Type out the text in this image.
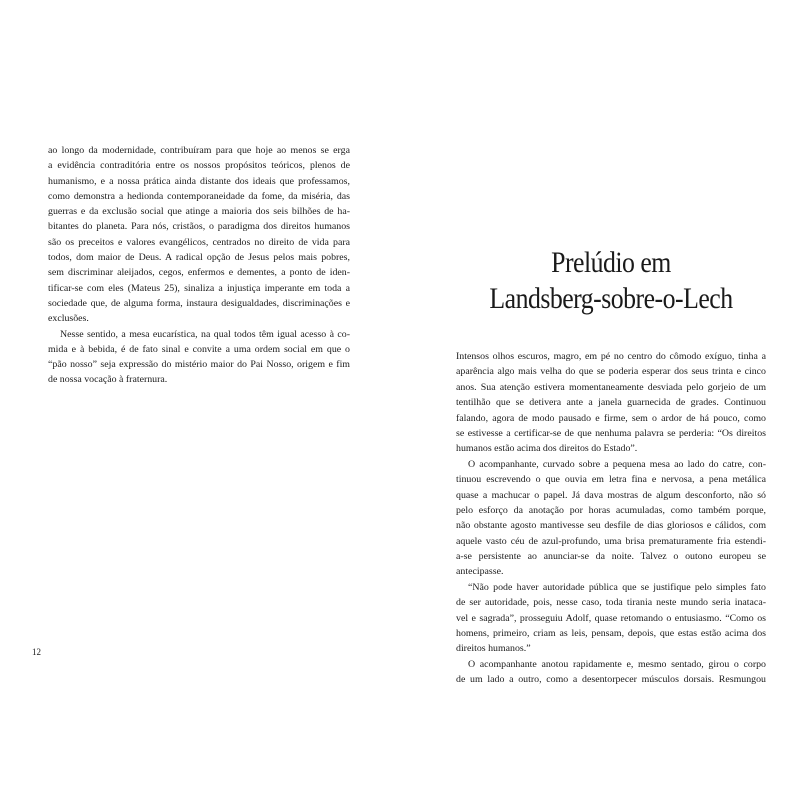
ao longo da modernidade, contribuíram para que hoje ao menos se erga
a evidência contraditória entre os nossos propósitos teóricos, plenos de
humanismo, e a nossa prática ainda distante dos ideais que professamos,
como demonstra a hedionda contemporaneidade da fome, da miséria, das
guerras e da exclusão social que atinge a maioria dos seis bilhões de ha-
bitantes do planeta. Para nós, cristãos, o paradigma dos direitos humanos
são os preceitos e valores evangélicos, centrados no direito de vida para
todos, dom maior de Deus. A radical opção de Jesus pelos mais pobres,
sem discriminar aleijados, cegos, enfermos e dementes, a ponto de iden-
tificar-se com eles (Mateus 25), sinaliza a injustiça imperante em toda a
sociedade que, de alguma forma, instaura desigualdades, discriminações e
exclusões.
Nesse sentido, a mesa eucarística, na qual todos têm igual acesso à co-
mida e à bebida, é de fato sinal e convite a uma ordem social em que o
“pão nosso” seja expressão do mistério maior do Pai Nosso, origem e fim
de nossa vocação à fraternura.
12
Prelúdio em
Landsberg-sobre-o-Lech
Intensos olhos escuros, magro, em pé no centro do cômodo exíguo, tinha a
aparência algo mais velha do que se poderia esperar dos seus trinta e cinco
anos. Sua atenção estivera momentaneamente desviada pelo gorjeio de um
tentilhão que se detivera ante a janela guarnecida de grades. Continuou
falando, agora de modo pausado e firme, sem o ardor de há pouco, como
se estivesse a certificar-se de que nenhuma palavra se perderia: “Os direitos
humanos estão acima dos direitos do Estado”.
O acompanhante, curvado sobre a pequena mesa ao lado do catre, con-
tinuou escrevendo o que ouvia em letra fina e nervosa, a pena metálica
quase a machucar o papel. Já dava mostras de algum desconforto, não só
pelo esforço da anotação por horas acumuladas, como também porque,
não obstante agosto mantivesse seu desfile de dias gloriosos e cálidos, com
aquele vasto céu de azul-profundo, uma brisa prematuramente fria estendi-
a-se persistente ao anunciar-se da noite. Talvez o outono europeu se
antecipasse.
“Não pode haver autoridade pública que se justifique pelo simples fato
de ser autoridade, pois, nesse caso, toda tirania neste mundo seria inataca-
vel e sagrada”, prosseguiu Adolf, quase retomando o entusiasmo. “Como os
homens, primeiro, criam as leis, pensam, depois, que estas estão acima dos
direitos humanos.”
O acompanhante anotou rapidamente e, mesmo sentado, girou o corpo
de um lado a outro, como a desentorpecer músculos dorsais. Resmungou
